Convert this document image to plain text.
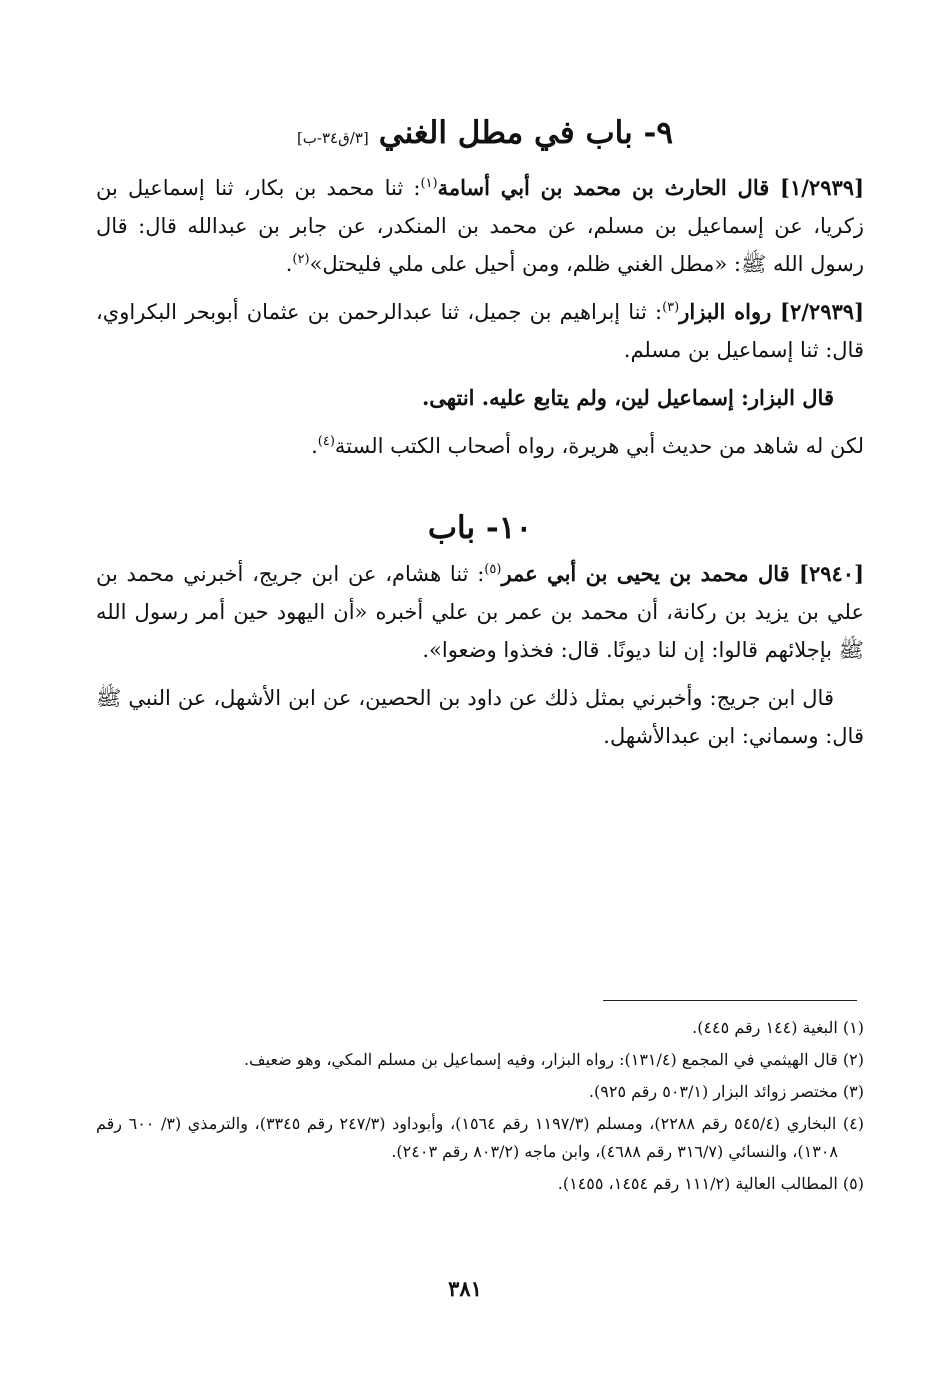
٩- باب في مطل الغني[٣/ق٣٤-ب]

[١/٢٩٣٩] قال الحارث بن محمد بن أبي أسامة$^{(١)}$: ثنا محمد بن بكار، ثنا إسماعيل بن زكريا، عن إسماعيل بن مسلم، عن محمد بن المنكدر، عن جابر بن عبدالله قال: قال رسول الله ﷺ: «مطل الغني ظلم، ومن أحيل على ملي فليحتل»$^{(٢)}$.

[٢/٢٩٣٩] رواه البزار$^{(٣)}$: ثنا إبراهيم بن جميل، ثنا عبدالرحمن بن عثمان أبوبحر البكراوي، قال: ثنا إسماعيل بن مسلم.

قال البزار: إسماعيل لين، ولم يتابع عليه. انتهى.

لكن له شاهد من حديث أبي هريرة، رواه أصحاب الكتب الستة$^{(٤)}$.

١٠- باب

[٢٩٤٠] قال محمد بن يحيى بن أبي عمر$^{(٥)}$: ثنا هشام، عن ابن جريج، أخبرني محمد بن علي بن يزيد بن ركانة، أن محمد بن عمر بن علي أخبره «أن اليهود حين أمر رسول الله ﷺ بإجلائهم قالوا: إن لنا ديونًا. قال: فخذوا وضعوا».

قال ابن جريج: وأخبرني بمثل ذلك عن داود بن الحصين، عن ابن الأشهل، عن النبي ﷺ قال: وسماني: ابن عبدالأشهل.

(١) البغية (١٤٤ رقم ٤٤٥).
(٢) قال الهيثمي في المجمع (١٣١/٤): رواه البزار، وفيه إسماعيل بن مسلم المكي، وهو ضعيف.
(٣) مختصر زوائد البزار (٥٠٣/١ رقم ٩٢٥).
(٤) البخاري (٥٤٥/٤ رقم ٢٢٨٨)، ومسلم (١١٩٧/٣ رقم ١٥٦٤)، وأبوداود (٢٤٧/٣ رقم ٣٣٤٥)، والترمذي (٣/ ٦٠٠ رقم ١٣٠٨)، والنسائي (٣١٦/٧ رقم ٤٦٨٨)، وابن ماجه (٨٠٣/٢ رقم ٢٤٠٣).
(٥) المطالب العالية (١١١/٢ رقم ١٤٥٤، ١٤٥٥).
٣٨١
